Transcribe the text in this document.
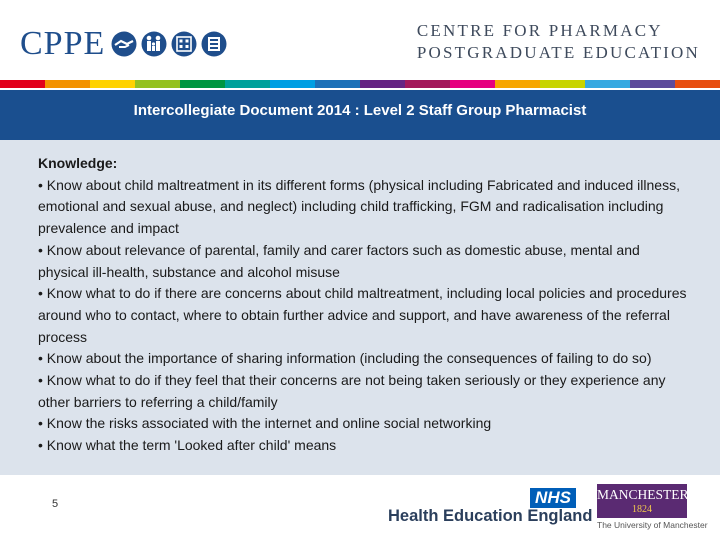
CPPE	CENTRE FOR PHARMACY
POSTGRADUATE EDUCATION
Intercollegiate Document 2014 : Level 2 Staff Group Pharmacist
Knowledge:
• Know about child maltreatment in its different forms (physical including Fabricated and induced illness, emotional and sexual abuse, and neglect) including child trafficking, FGM and radicalisation including prevalence and impact
• Know about relevance of parental, family and carer factors such as domestic abuse, mental and physical ill-health, substance and alcohol misuse
• Know what to do if there are concerns about child maltreatment, including local policies and procedures around who to contact, where to obtain further advice and support, and have awareness of the referral process
• Know about the importance of sharing information (including the consequences of failing to do so)
• Know what to do if they feel that their concerns are not being taken seriously or they experience any other barriers to referring a child/family
• Know the risks associated with the internet and online social networking
• Know what the term 'Looked after child' means
5	NHS
Health Education England
MANCHESTER
1824
The University of Manchester
